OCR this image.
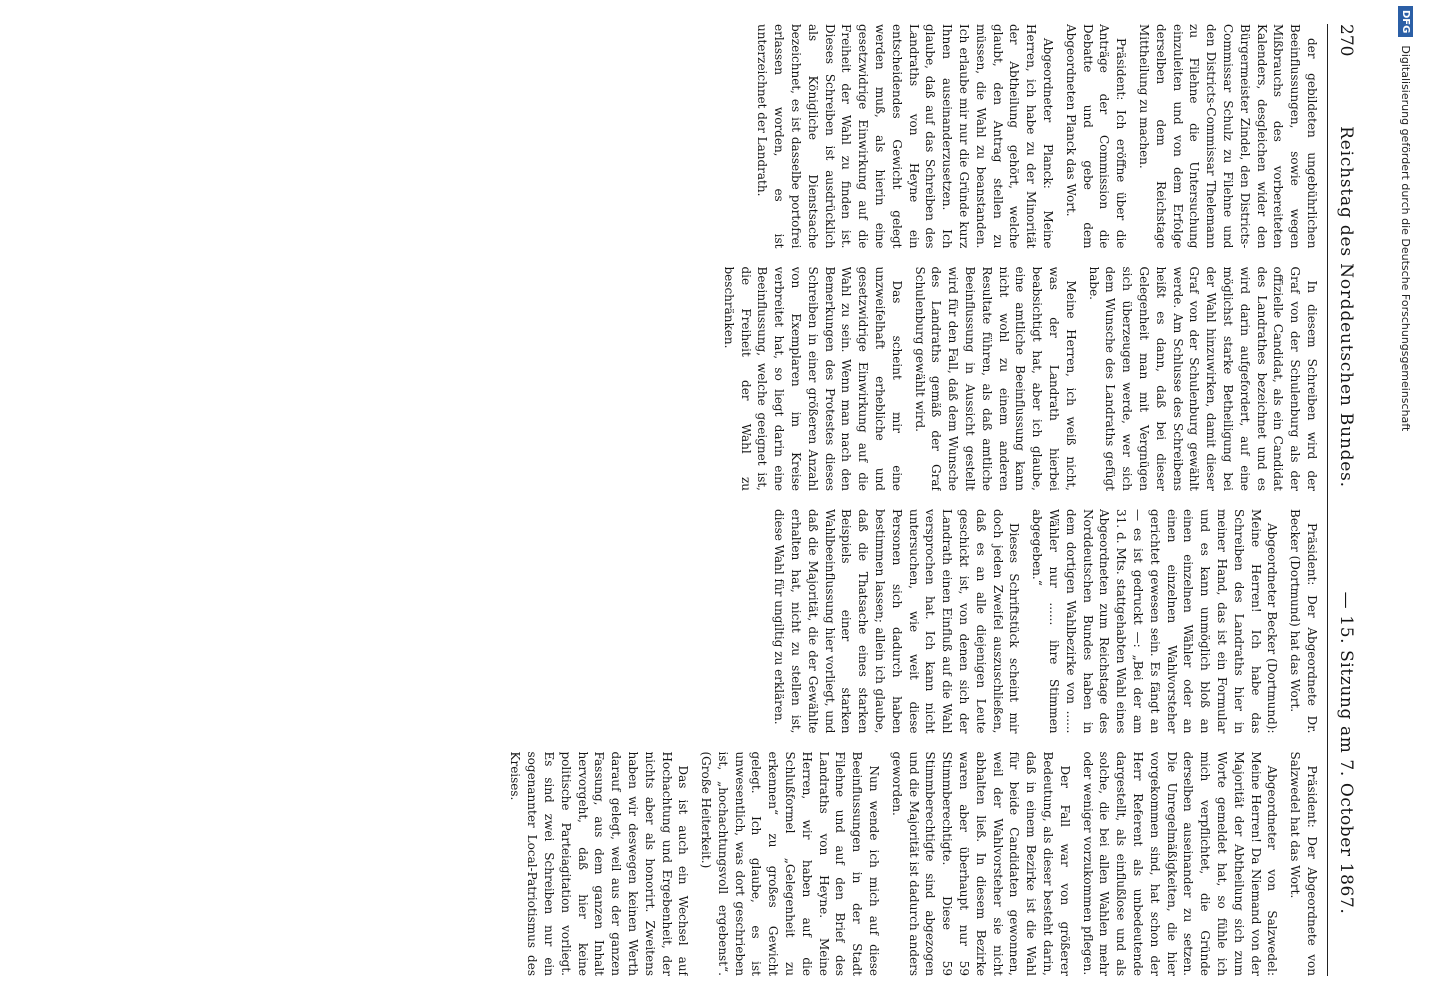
270
Reichstag des Norddeutschen Bundes.
— 15. Sitzung am 7. October 1867.

der gebildeten ungebührlichen Beeinflussungen, sowie wegen Mißbrauchs des vorbereiteten Kalenders, desgleichen wider den Bürgermeister Zindel, den Districts-Commissar Schulz zu Filehne und den Districts-Commissar Thelemann zu Filehne die Untersuchung einzuleiten und von dem Erfolge derselben dem Reichstage Mittheilung zu machen.

Präsident: Ich eröffne über die Anträge der Commission die Debatte und gebe dem Abgeordneten Planck das Wort.

Abgeordneter Planck: Meine Herren, ich habe zu der Minorität der Abtheilung gehört, welche glaubt, den Antrag stellen zu müssen, die Wahl zu beanstanden. Ich erlaube mir nur die Gründe kurz Ihnen auseinanderzusetzen. Ich glaube, daß auf das Schreiben des Landraths von Heyne ein entscheidendes Gewicht gelegt werden muß, als hierin eine gesetzwidrige Einwirkung auf die Freiheit der Wahl zu finden ist. Dieses Schreiben ist ausdrücklich als Königliche Dienstsache bezeichnet, es ist dasselbe portofrei erlassen worden, es ist unterzeichnet der Landrath.

In diesem Schreiben wird der Graf von der Schulenburg als der offizielle Candidat, als ein Candidat des Landrathes bezeichnet und es wird darin aufgefordert, auf eine möglichst starke Betheiligung bei der Wahl hinzuwirken, damit dieser Graf von der Schulenburg gewählt werde. Am Schlusse des Schreibens heißt es dann, daß bei dieser Gelegenheit man mit Vergnügen sich überzeugen werde, wer sich dem Wunsche des Landraths gefügt habe.

Meine Herren, ich weiß nicht, was der Landrath hierbei beabsichtigt hat, aber ich glaube, eine amtliche Beeinflussung kann nicht wohl zu einem anderen Resultate führen, als daß amtliche Beeinflussung in Aussicht gestellt wird für den Fall, daß dem Wunsche des Landraths gemäß der Graf Schulenburg gewählt wird.

Das scheint mir eine unzweifelhaft erhebliche und gesetzwidrige Einwirkung auf die Wahl zu sein. Wenn man nach den Bemerkungen des Protestes dieses Schreiben in einer größeren Anzahl von Exemplaren im Kreise verbreitet hat, so liegt darin eine Beeinflussung, welche geeignet ist, die Freiheit der Wahl zu beschränken.

Präsident: Der Abgeordnete Dr. Becker (Dortmund) hat das Wort.

Abgeordneter Becker (Dortmund): Meine Herren! Ich habe das Schreiben des Landraths hier in meiner Hand, das ist ein Formular und es kann unmöglich bloß an einen einzelnen Wähler oder an einen einzelnen Wahlvorsteher gerichtet gewesen sein. Es fängt an — es ist gedruckt —: „Bei der am 31. d. Mts. stattgehabten Wahl eines Abgeordneten zum Reichstage des Norddeutschen Bundes haben in dem dortigen Wahlbezirke von ...... Wähler nur ...... ihre Stimmen abgegeben.“

Dieses Schriftstück scheint mir doch jeden Zweifel auszuschließen, daß es an alle diejenigen Leute geschickt ist, von denen sich der Landrath einen Einfluß auf die Wahl versprochen hat. Ich kann nicht untersuchen, wie weit diese Personen sich dadurch haben bestimmen lassen; allein ich glaube, daß die Thatsache eines starken Beispiels einer starken Wahlbeeinflussung hier vorliegt, und daß die Majorität, die der Gewählte erhalten hat, nicht zu stellen ist, diese Wahl für ungiltig zu erklären.

Präsident: Der Abgeordnete von Salzwedel hat das Wort.

Abgeordneter von Salzwedel: Meine Herren! Da Niemand von der Majorität der Abtheilung sich zum Worte gemeldet hat, so fühle ich mich verpflichtet, die Gründe derselben auseinander zu setzen. Die Unregelmäßigkeiten, die hier vorgekommen sind, hat schon der Herr Referent als unbedeutende dargestellt, als einflußlose und als solche, die bei allen Wahlen mehr oder weniger vorzukommen pflegen.

Der Fall war von größerer Bedeutung, als dieser besteht darin, daß in einem Bezirke ist die Wahl für beide Candidaten gewonnen, weil der Wahlvorsteher sie nicht abhalten ließ. In diesem Bezirke waren aber überhaupt nur 59 Stimmberechtigte. Diese 59 Stimmberechtigte sind abgezogen und die Majorität ist dadurch anders geworden.

Nun wende ich mich auf diese Beeinflussungen in der Stadt Filehne und auf den Brief des Landraths von Heyne. Meine Herren, wir haben auf die Schlußformel „Gelegenheit zu erkennen“ zu großes Gewicht gelegt. Ich glaube, es ist unwesentlich, was dort geschrieben ist, „hochachtungsvoll ergebenst“. (Große Heiterkeit.)

Das ist auch ein Wechsel auf Hochachtung und Ergebenheit, der nichts aber als honorirt. Zweitens haben wir deswegen keinen Werth darauf gelegt, weil aus der ganzen Fassung, aus dem ganzen Inhalt hervorgeht, daß hier keine politische Parteiagitation vorliegt. Es sind zwei Schreiben nur ein sogenannter Local-Patriotismus des Kreises.

DFG
Digitalisierung gefördert durch die Deutsche Forschungsgemeinschaft
